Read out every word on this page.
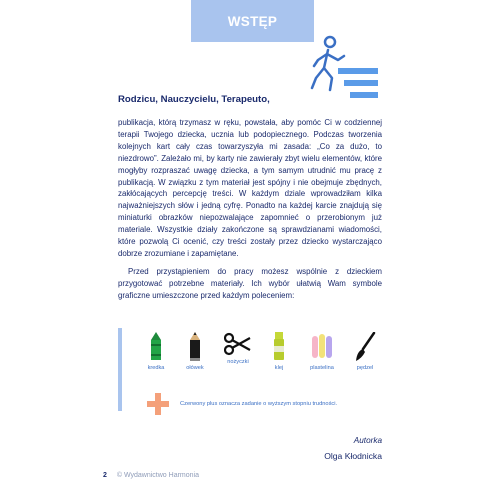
WSTĘP
Rodzicu, Nauczycielu, Terapeuto,

publikacja, którą trzymasz w ręku, powstała, aby pomóc Ci w codziennej terapii Twojego dziecka, ucznia lub podopiecznego. Podczas tworzenia kolejnych kart cały czas towarzyszyła mi zasada: „Co za dużo, to niezdrowo”. Zależało mi, by karty nie zawierały zbyt wielu elementów, które mogłyby rozpraszać uwagę dziecka, a tym samym utrudnić mu pracę z publikacją. W związku z tym materiał jest spójny i nie obejmuje zbędnych, zakłócających percepcję treści. W każdym dziale wprowadziłam kilka najważniejszych słów i jedną cyfrę. Ponadto na każdej karcie znajdują się miniaturki obrazków niepozwalające zapomnieć o przerobionym już materiale. Wszystkie działy zakończone są sprawdzianami wiadomości, które pozwolą Ci ocenić, czy treści zostały przez dziecko wystarczająco dobrze zrozumiane i zapamiętane.

Przed przystąpieniem do pracy możesz wspólnie z dzieckiem przygotować potrzebne materiały. Ich wybór ułatwią Wam symbole graficzne umieszczone przed każdym poleceniem:

kredka	ołówek
nożyczki
klej	plastelina	pędzel
Czerwony plus oznacza zadanie o wyższym stopniu trudności.
Autorka
Olga Kłodnicka
2 © Wydawnictwo Harmonia
